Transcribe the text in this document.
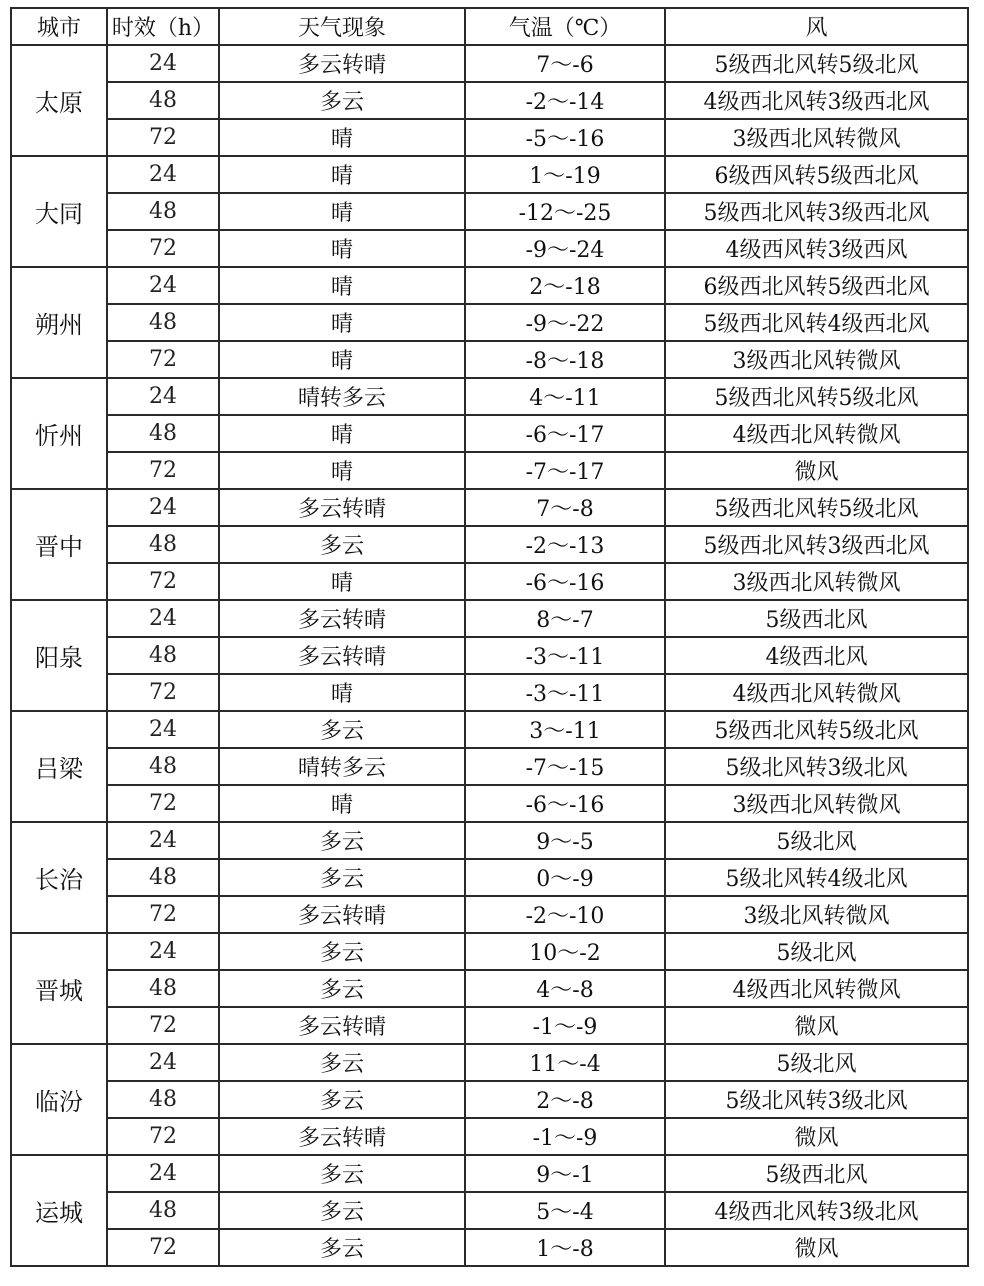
城市	时效（h）	天气现象	气温（℃）	风
太原	24	多云转晴	7～-6	5级西北风转5级北风
	48	多云	-2～-14	4级西北风转3级西北风
	72	晴	-5～-16	3级西北风转微风
大同	24	晴	1～-19	6级西风转5级西北风
	48	晴	-12～-25	5级西北风转3级西北风
	72	晴	-9～-24	4级西风转3级西风
朔州	24	晴	2～-18	6级西北风转5级西北风
	48	晴	-9～-22	5级西北风转4级西北风
	72	晴	-8～-18	3级西北风转微风
忻州	24	晴转多云	4～-11	5级西北风转5级北风
	48	晴	-6～-17	4级西北风转微风
	72	晴	-7～-17	微风
晋中	24	多云转晴	7～-8	5级西北风转5级北风
	48	多云	-2～-13	5级西北风转3级西北风
	72	晴	-6～-16	3级西北风转微风
阳泉	24	多云转晴	8～-7	5级西北风
	48	多云转晴	-3～-11	4级西北风
	72	晴	-3～-11	4级西北风转微风
吕梁	24	多云	3～-11	5级西北风转5级北风
	48	晴转多云	-7～-15	5级北风转3级北风
	72	晴	-6～-16	3级西北风转微风
长治	24	多云	9～-5	5级北风
	48	多云	0～-9	5级北风转4级北风
	72	多云转晴	-2～-10	3级北风转微风
晋城	24	多云	10～-2	5级北风
	48	多云	4～-8	4级西北风转微风
	72	多云转晴	-1～-9	微风
临汾	24	多云	11～-4	5级北风
	48	多云	2～-8	5级北风转3级北风
	72	多云转晴	-1～-9	微风
运城	24	多云	9～-1	5级西北风
	48	多云	5～-4	4级西北风转3级北风
	72	多云	1～-8	微风
